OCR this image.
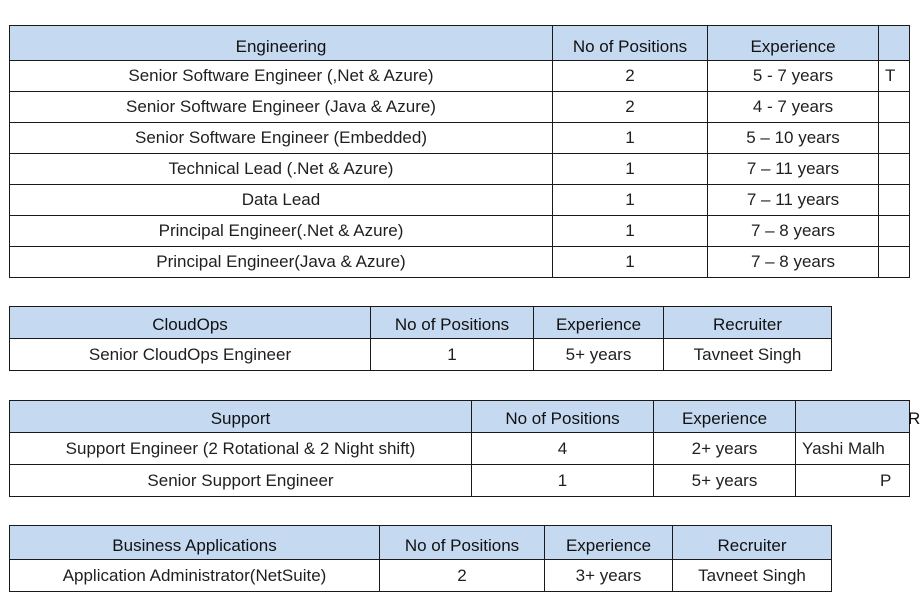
Engineering	No of Positions	Experience	
Senior Software Engineer (,Net & Azure)	2	5 - 7 years	T
Senior Software Engineer (Java & Azure)	2	4 - 7 years	
Senior Software Engineer (Embedded)	1	5 – 10 years	
Technical Lead (.Net & Azure)	1	7 – 11 years	
Data Lead	1	7 – 11 years	
Principal Engineer(.Net & Azure)	1	7 – 8 years	
Principal Engineer(Java & Azure)	1	7 – 8 years	
CloudOps	No of Positions	Experience	Recruiter
Senior CloudOps Engineer	1	5+ years	Tavneet Singh
Support	No of Positions	Experience	R
Support Engineer (2 Rotational & 2 Night shift)	4	2+ years	Yashi Malh
Senior Support Engineer	1	5+ years	P
Business Applications	No of Positions	Experience	Recruiter
Application Administrator(NetSuite)	2	3+ years	Tavneet Singh
